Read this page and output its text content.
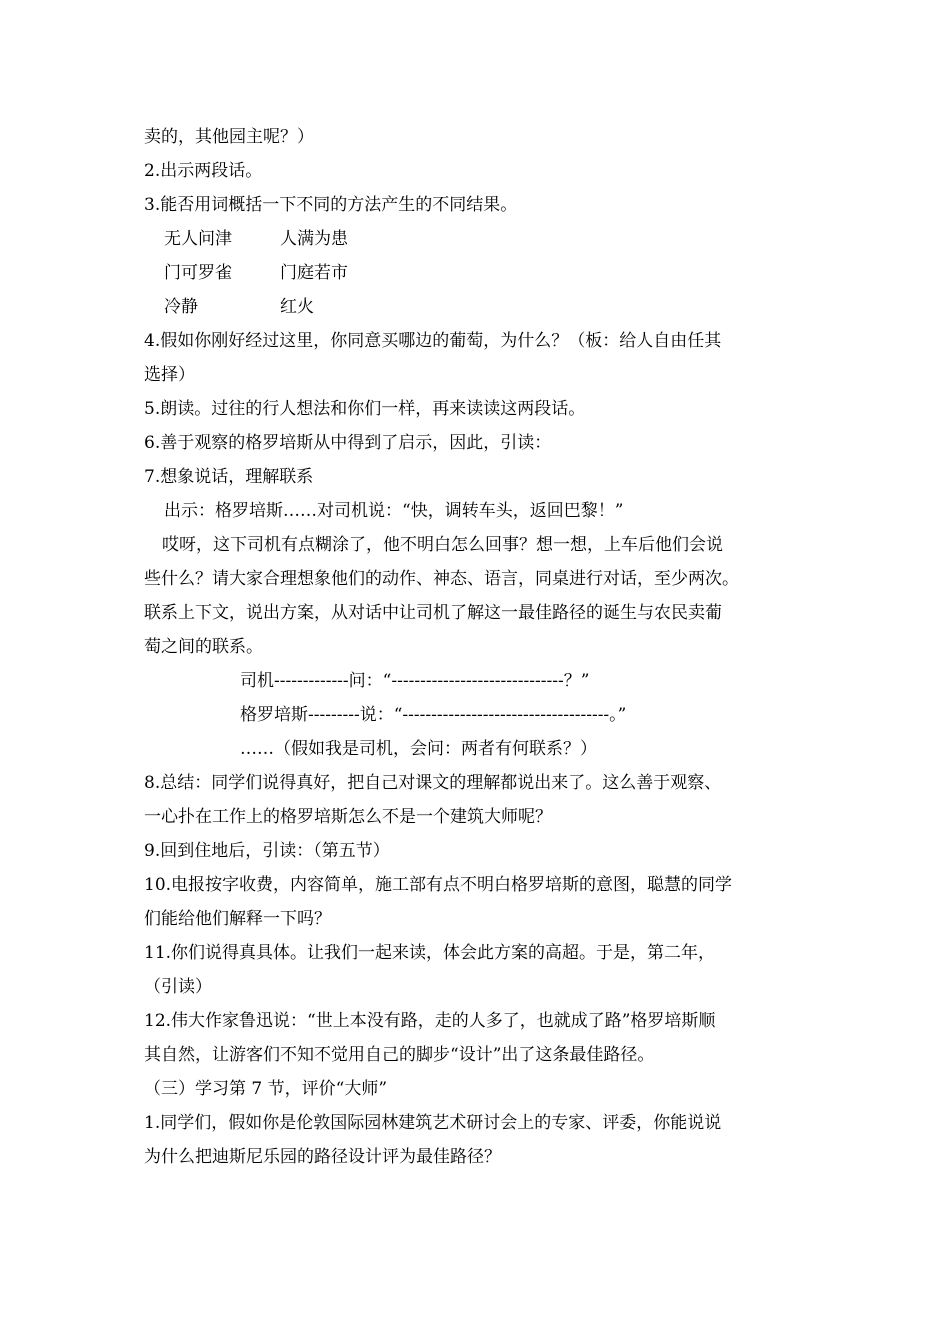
卖的，其他园主呢？）
2.出示两段话。
3.能否用词概括一下不同的方法产生的不同结果。
无人问津	人满为患
门可罗雀	门庭若市
冷静	红火
4.假如你刚好经过这里，你同意买哪边的葡萄，为什么？（板：给人自由任其
选择）
5.朗读。过往的行人想法和你们一样，再来读读这两段话。
6.善于观察的格罗培斯从中得到了启示，因此，引读：
7.想象说话，理解联系
出示：格罗培斯……对司机说：“快，调转车头，返回巴黎！”
哎呀，这下司机有点糊涂了，他不明白怎么回事？想一想，上车后他们会说
些什么？请大家合理想象他们的动作、神态、语言，同桌进行对话，至少两次。
联系上下文，说出方案，从对话中让司机了解这一最佳路径的诞生与农民卖葡
萄之间的联系。
司机-------------问：“------------------------------？”
格罗培斯---------说：“------------------------------------。”
……（假如我是司机，会问：两者有何联系？）
8.总结：同学们说得真好，把自己对课文的理解都说出来了。这么善于观察、
一心扑在工作上的格罗培斯怎么不是一个建筑大师呢？
9.回到住地后，引读：（第五节）
10.电报按字收费，内容简单，施工部有点不明白格罗培斯的意图，聪慧的同学
们能给他们解释一下吗？
11.你们说得真具体。让我们一起来读，体会此方案的高超。于是，第二年，
（引读）
12.伟大作家鲁迅说：“世上本没有路，走的人多了，也就成了路”格罗培斯顺
其自然，让游客们不知不觉用自己的脚步“设计”出了这条最佳路径。
（三）学习第 7 节，评价“大师”
1.同学们，假如你是伦敦国际园林建筑艺术研讨会上的专家、评委，你能说说
为什么把迪斯尼乐园的路径设计评为最佳路径？
